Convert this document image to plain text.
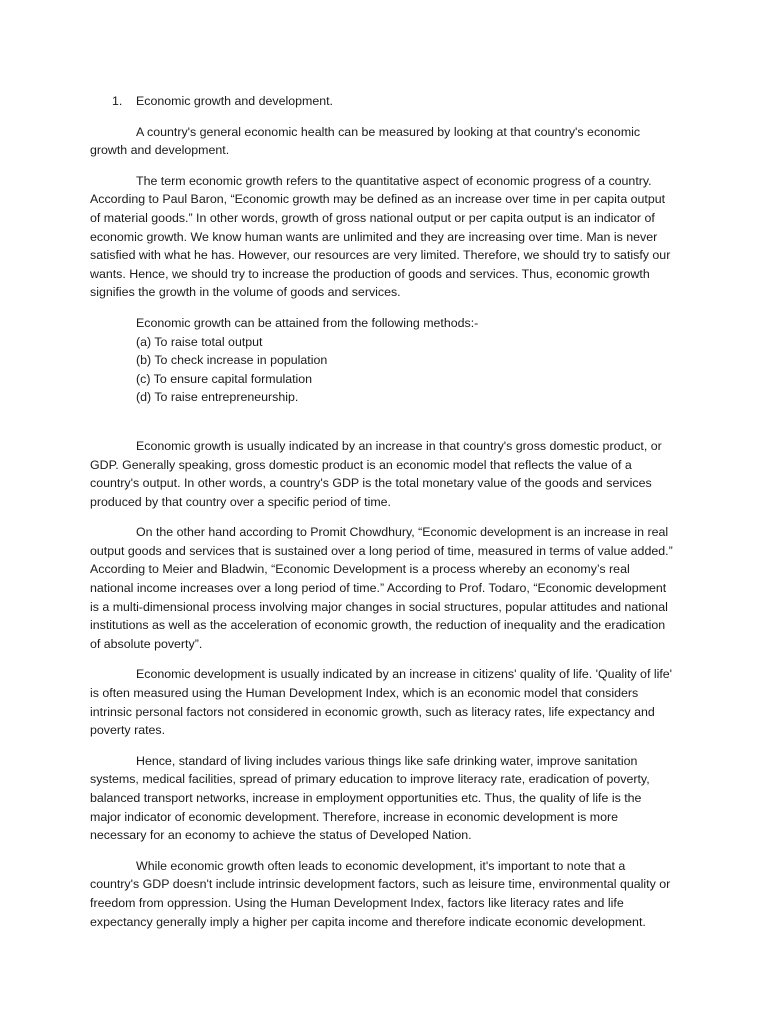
1.	Economic growth and development.

A country's general economic health can be measured by looking at that country's economic growth and development.

The term economic growth refers to the quantitative aspect of economic progress of a country. According to Paul Baron, “Economic growth may be defined as an increase over time in per capita output of material goods.” In other words, growth of gross national output or per capita output is an indicator of economic growth. We know human wants are unlimited and they are increasing over time. Man is never satisfied with what he has. However, our resources are very limited. Therefore, we should try to satisfy our wants. Hence, we should try to increase the production of goods and services. Thus, economic growth signifies the growth in the volume of goods and services.

Economic growth can be attained from the following methods:-
(a) To raise total output
(b) To check increase in population
(c) To ensure capital formulation
(d) To raise entrepreneurship.

Economic growth is usually indicated by an increase in that country's gross domestic product, or GDP. Generally speaking, gross domestic product is an economic model that reflects the value of a country's output. In other words, a country's GDP is the total monetary value of the goods and services produced by that country over a specific period of time.

On the other hand according to Promit Chowdhury, “Economic development is an increase in real output goods and services that is sustained over a long period of time, measured in terms of value added.” According to Meier and Bladwin, “Economic Development is a process whereby an economy’s real national income increases over a long period of time.” According to Prof. Todaro, “Economic development is a multi-dimensional process involving major changes in social structures, popular attitudes and national institutions as well as the acceleration of economic growth, the reduction of inequality and the eradication of absolute poverty”.

Economic development is usually indicated by an increase in citizens' quality of life. 'Quality of life' is often measured using the Human Development Index, which is an economic model that considers intrinsic personal factors not considered in economic growth, such as literacy rates, life expectancy and poverty rates.

Hence, standard of living includes various things like safe drinking water, improve sanitation systems, medical facilities, spread of primary education to improve literacy rate, eradication of poverty, balanced transport networks, increase in employment opportunities etc. Thus, the quality of life is the major indicator of economic development. Therefore, increase in economic development is more necessary for an economy to achieve the status of Developed Nation.

While economic growth often leads to economic development, it's important to note that a country's GDP doesn't include intrinsic development factors, such as leisure time, environmental quality or freedom from oppression. Using the Human Development Index, factors like literacy rates and life expectancy generally imply a higher per capita income and therefore indicate economic development.
